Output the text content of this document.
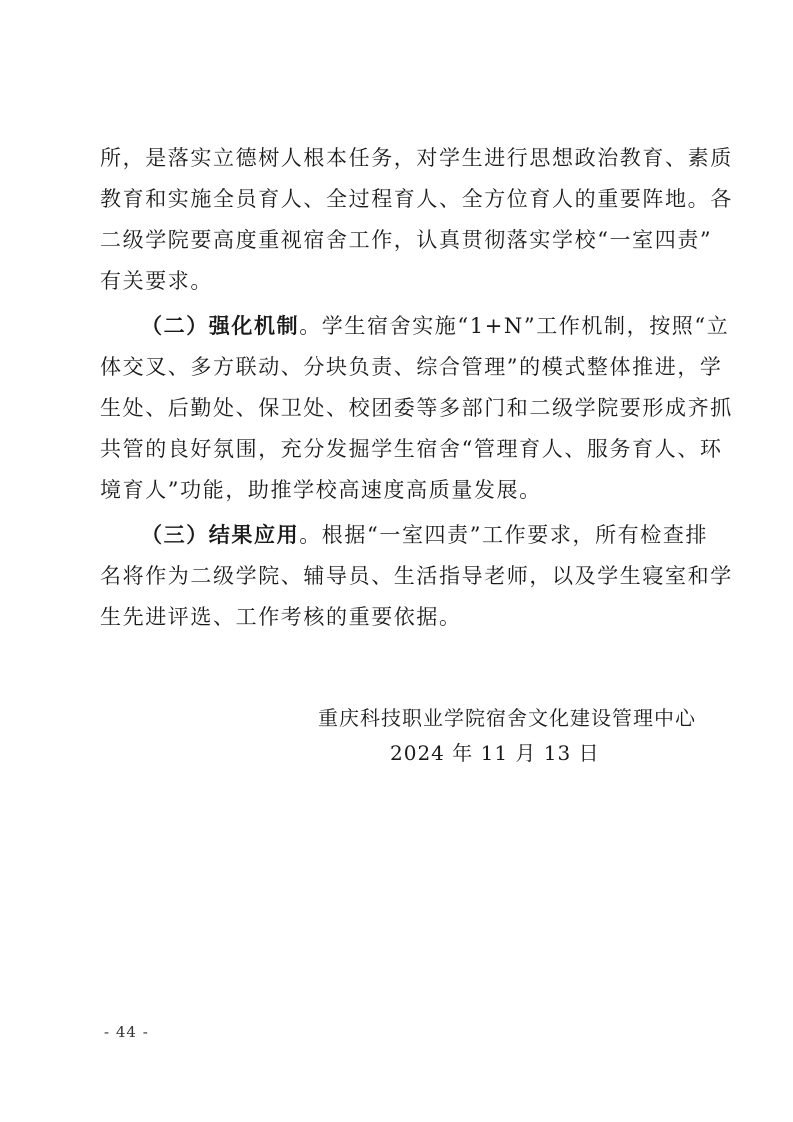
所，是落实立德树人根本任务，对学生进行思想政治教育、素质
教育和实施全员育人、全过程育人、全方位育人的重要阵地。各
二级学院要高度重视宿舍工作，认真贯彻落实学校“一室四责”
有关要求。
（二）强化机制。学生宿舍实施“1+N”工作机制，按照“立
体交叉、多方联动、分块负责、综合管理”的模式整体推进，学
生处、后勤处、保卫处、校团委等多部门和二级学院要形成齐抓
共管的良好氛围，充分发掘学生宿舍“管理育人、服务育人、环
境育人”功能，助推学校高速度高质量发展。
（三）结果应用。根据“一室四责”工作要求，所有检查排
名将作为二级学院、辅导员、生活指导老师，以及学生寝室和学
生先进评选、工作考核的重要依据。
重庆科技职业学院宿舍文化建设管理中心
2024 年 11 月 13 日
- 44 -
